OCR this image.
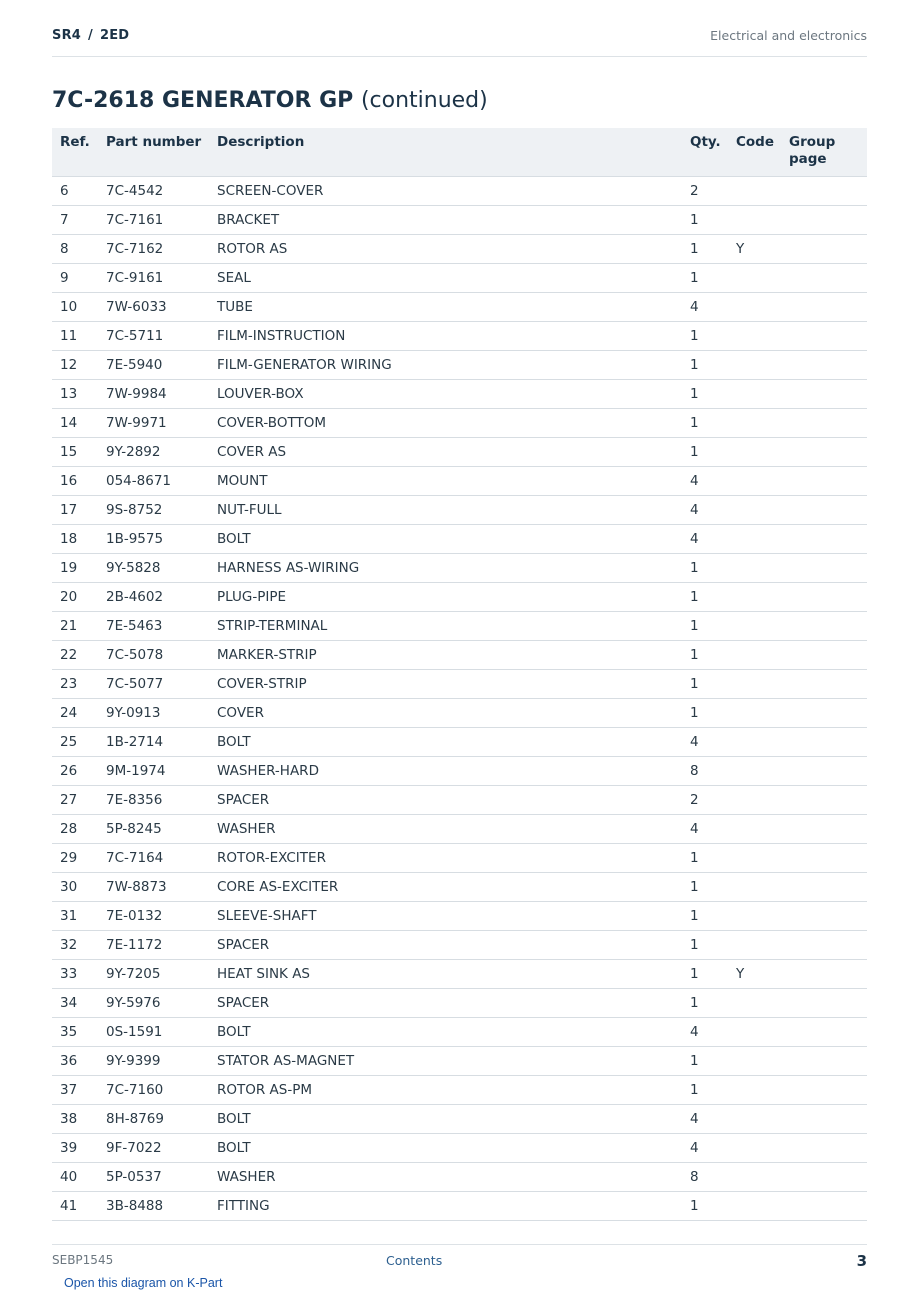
SR4 / 2ED	Electrical and electronics
7C-2618 GENERATOR GP (continued)
Ref.	Part number	Description	Qty.	Code	Group page
6	7C-4542	SCREEN-COVER	2		
7	7C-7161	BRACKET	1		
8	7C-7162	ROTOR AS	1	Y	
9	7C-9161	SEAL	1		
10	7W-6033	TUBE	4		
11	7C-5711	FILM-INSTRUCTION	1		
12	7E-5940	FILM-GENERATOR WIRING	1		
13	7W-9984	LOUVER-BOX	1		
14	7W-9971	COVER-BOTTOM	1		
15	9Y-2892	COVER AS	1		
16	054-8671	MOUNT	4		
17	9S-8752	NUT-FULL	4		
18	1B-9575	BOLT	4		
19	9Y-5828	HARNESS AS-WIRING	1		
20	2B-4602	PLUG-PIPE	1		
21	7E-5463	STRIP-TERMINAL	1		
22	7C-5078	MARKER-STRIP	1		
23	7C-5077	COVER-STRIP	1		
24	9Y-0913	COVER	1		
25	1B-2714	BOLT	4		
26	9M-1974	WASHER-HARD	8		
27	7E-8356	SPACER	2		
28	5P-8245	WASHER	4		
29	7C-7164	ROTOR-EXCITER	1		
30	7W-8873	CORE AS-EXCITER	1		
31	7E-0132	SLEEVE-SHAFT	1		
32	7E-1172	SPACER	1		
33	9Y-7205	HEAT SINK AS	1	Y	
34	9Y-5976	SPACER	1		
35	0S-1591	BOLT	4		
36	9Y-9399	STATOR AS-MAGNET	1		
37	7C-7160	ROTOR AS-PM	1		
38	8H-8769	BOLT	4		
39	9F-7022	BOLT	4		
40	5P-0537	WASHER	8		
41	3B-8488	FITTING	1		
SEBP1545	Contents	3
Open this diagram on K-Part
